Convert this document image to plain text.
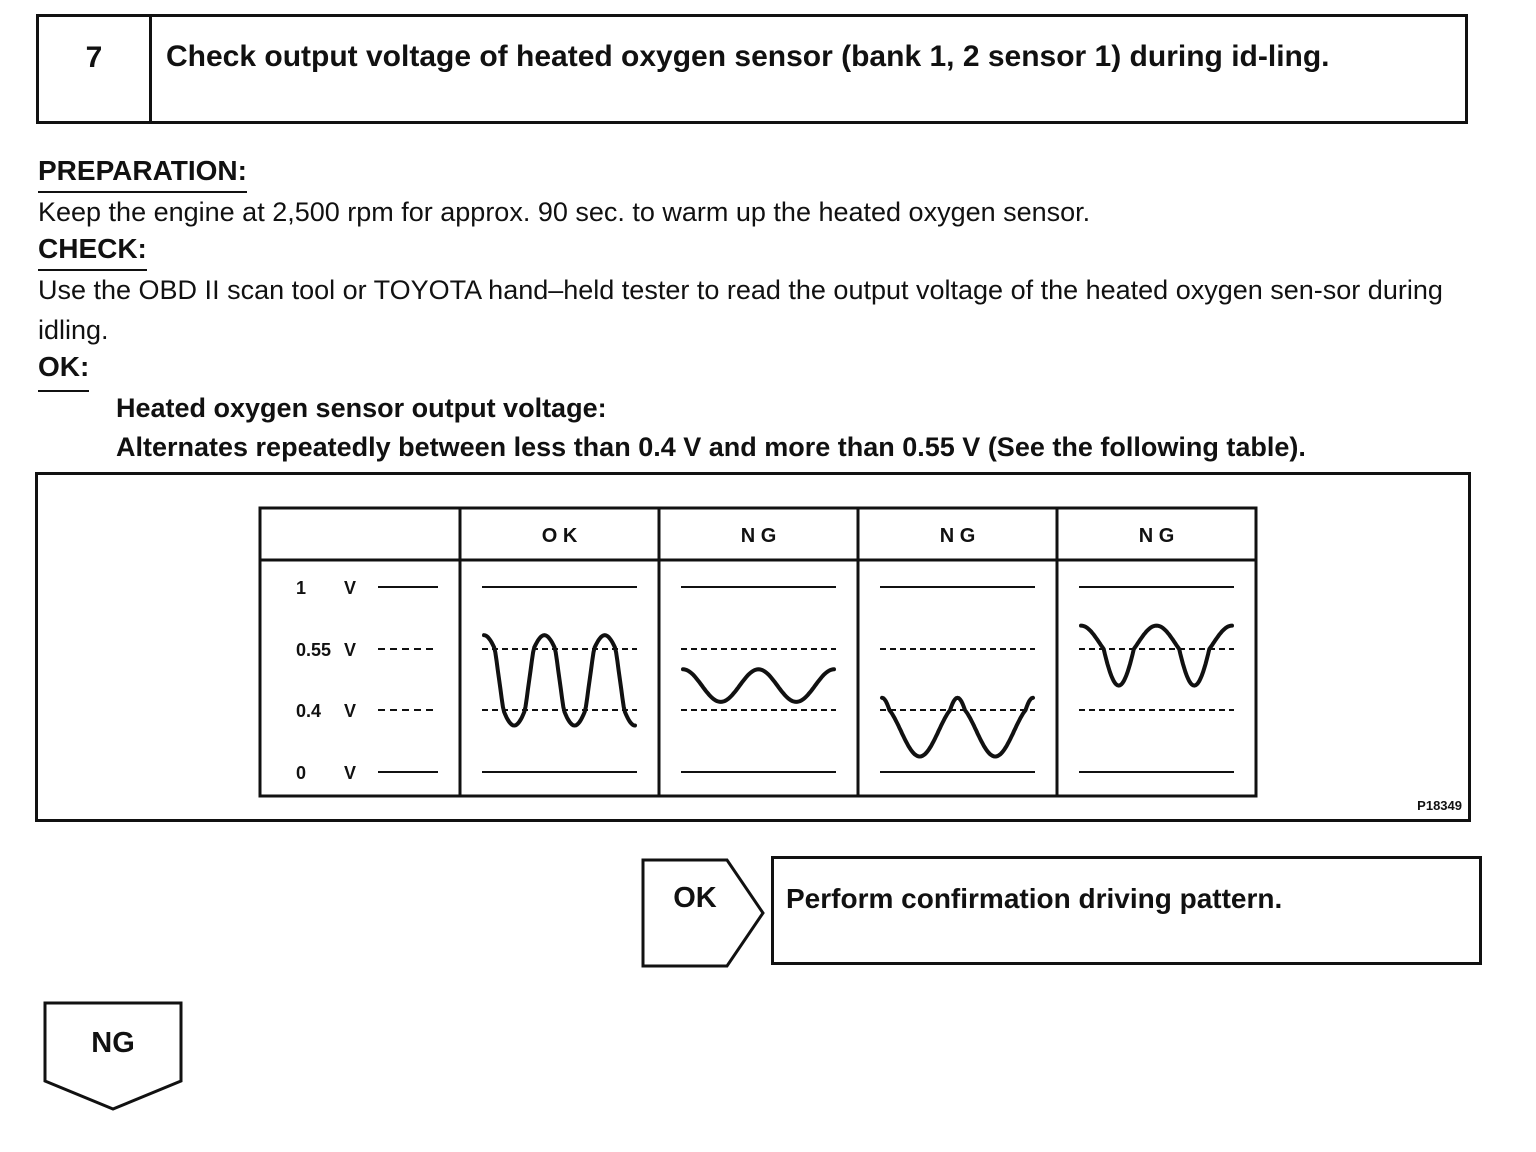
7	Check output voltage of heated oxygen sensor (bank 1, 2 sensor 1) during id-ling.
PREPARATION:
Keep the engine at 2,500 rpm for approx. 90 sec. to warm up the heated oxygen sensor.
CHECK:
Use the OBD II scan tool or TOYOTA hand–held tester to read the output voltage of the heated oxygen sen-sor during idling.
OK:
Heated oxygen sensor output voltage:
Alternates repeatedly between less than 0.4 V and more than 0.55 V (See the following table).
1 V
0.55 V
0.4 V
0 V
O K	N G	N G	N G
P18349
OK	Perform confirmation driving pattern.
NG
